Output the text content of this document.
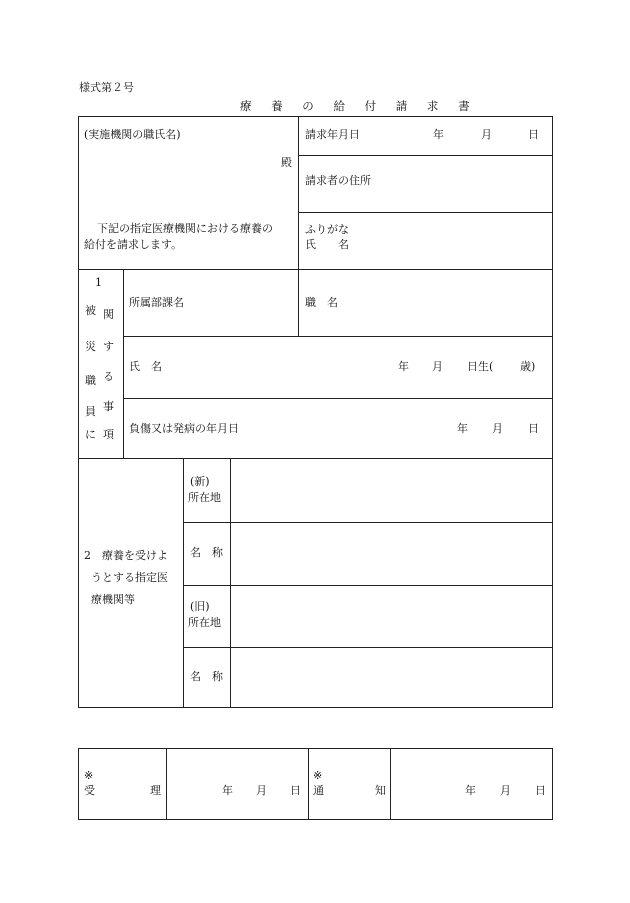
様式第２号
療 養 の 給 付 請 求 書
(実施機関の職氏名)
殿
下記の指定医療機関における療養の
給付を請求します。
請求年月日	年	月	日
請求者の住所
ふりがな
氏　　名
1
被
災
職
員
に
関
す
る
事
項
所属部課名	職　名
氏　名	年 月 日生( 歳)
負傷又は発病の年月日	年 月 日
2　療養を受けよ
うとする指定医
療機関等
(新)
所在地
名　称
(旧)
所在地
名　称
※
受	理	年 月 日
※
通	知	年 月 日
